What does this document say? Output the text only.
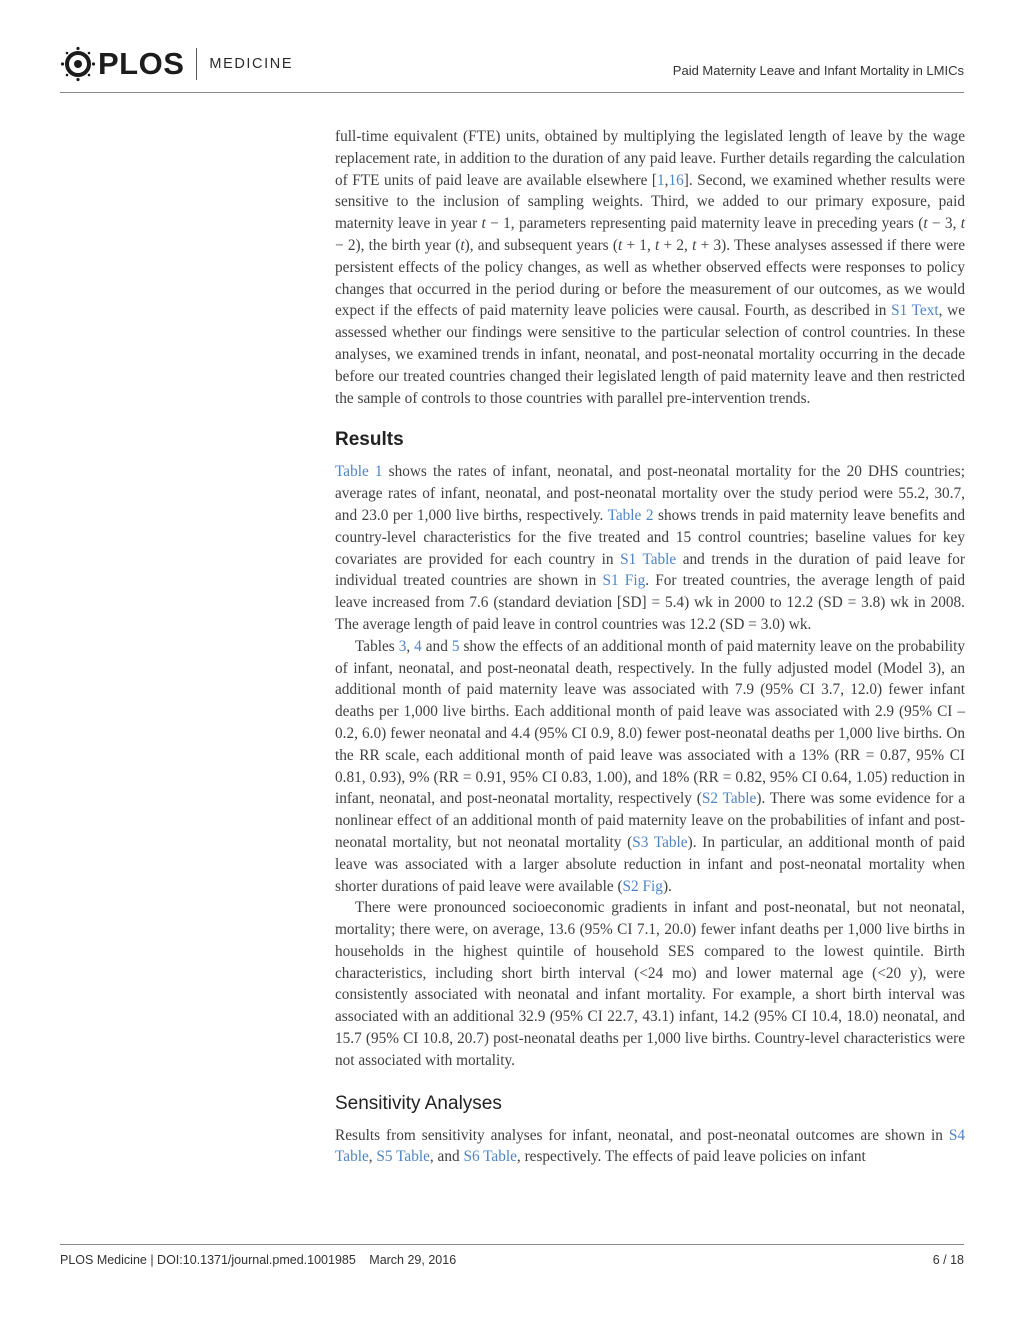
PLOS MEDICINE	Paid Maternity Leave and Infant Mortality in LMICs

full-time equivalent (FTE) units, obtained by multiplying the legislated length of leave by the wage replacement rate, in addition to the duration of any paid leave. Further details regarding the calculation of FTE units of paid leave are available elsewhere [1,16]. Second, we examined whether results were sensitive to the inclusion of sampling weights. Third, we added to our primary exposure, paid maternity leave in year t − 1, parameters representing paid maternity leave in preceding years (t − 3, t − 2), the birth year (t), and subsequent years (t + 1, t + 2, t + 3). These analyses assessed if there were persistent effects of the policy changes, as well as whether observed effects were responses to policy changes that occurred in the period during or before the measurement of our outcomes, as we would expect if the effects of paid maternity leave policies were causal. Fourth, as described in S1 Text, we assessed whether our findings were sensitive to the particular selection of control countries. In these analyses, we examined trends in infant, neonatal, and post-neonatal mortality occurring in the decade before our treated countries changed their legislated length of paid maternity leave and then restricted the sample of controls to those countries with parallel pre-intervention trends.

Results

Table 1 shows the rates of infant, neonatal, and post-neonatal mortality for the 20 DHS countries; average rates of infant, neonatal, and post-neonatal mortality over the study period were 55.2, 30.7, and 23.0 per 1,000 live births, respectively. Table 2 shows trends in paid maternity leave benefits and country-level characteristics for the five treated and 15 control countries; baseline values for key covariates are provided for each country in S1 Table and trends in the duration of paid leave for individual treated countries are shown in S1 Fig. For treated countries, the average length of paid leave increased from 7.6 (standard deviation [SD] = 5.4) wk in 2000 to 12.2 (SD = 3.8) wk in 2008. The average length of paid leave in control countries was 12.2 (SD = 3.0) wk.

Tables 3, 4 and 5 show the effects of an additional month of paid maternity leave on the probability of infant, neonatal, and post-neonatal death, respectively. In the fully adjusted model (Model 3), an additional month of paid maternity leave was associated with 7.9 (95% CI 3.7, 12.0) fewer infant deaths per 1,000 live births. Each additional month of paid leave was associated with 2.9 (95% CI –0.2, 6.0) fewer neonatal and 4.4 (95% CI 0.9, 8.0) fewer post-neonatal deaths per 1,000 live births. On the RR scale, each additional month of paid leave was associated with a 13% (RR = 0.87, 95% CI 0.81, 0.93), 9% (RR = 0.91, 95% CI 0.83, 1.00), and 18% (RR = 0.82, 95% CI 0.64, 1.05) reduction in infant, neonatal, and post-neonatal mortality, respectively (S2 Table). There was some evidence for a nonlinear effect of an additional month of paid maternity leave on the probabilities of infant and post-neonatal mortality, but not neonatal mortality (S3 Table). In particular, an additional month of paid leave was associated with a larger absolute reduction in infant and post-neonatal mortality when shorter durations of paid leave were available (S2 Fig).

There were pronounced socioeconomic gradients in infant and post-neonatal, but not neonatal, mortality; there were, on average, 13.6 (95% CI 7.1, 20.0) fewer infant deaths per 1,000 live births in households in the highest quintile of household SES compared to the lowest quintile. Birth characteristics, including short birth interval (<24 mo) and lower maternal age (<20 y), were consistently associated with neonatal and infant mortality. For example, a short birth interval was associated with an additional 32.9 (95% CI 22.7, 43.1) infant, 14.2 (95% CI 10.4, 18.0) neonatal, and 15.7 (95% CI 10.8, 20.7) post-neonatal deaths per 1,000 live births. Country-level characteristics were not associated with mortality.

Sensitivity Analyses

Results from sensitivity analyses for infant, neonatal, and post-neonatal outcomes are shown in S4 Table, S5 Table, and S6 Table, respectively. The effects of paid leave policies on infant

PLOS Medicine | DOI:10.1371/journal.pmed.1001985 March 29, 2016	6 / 18
